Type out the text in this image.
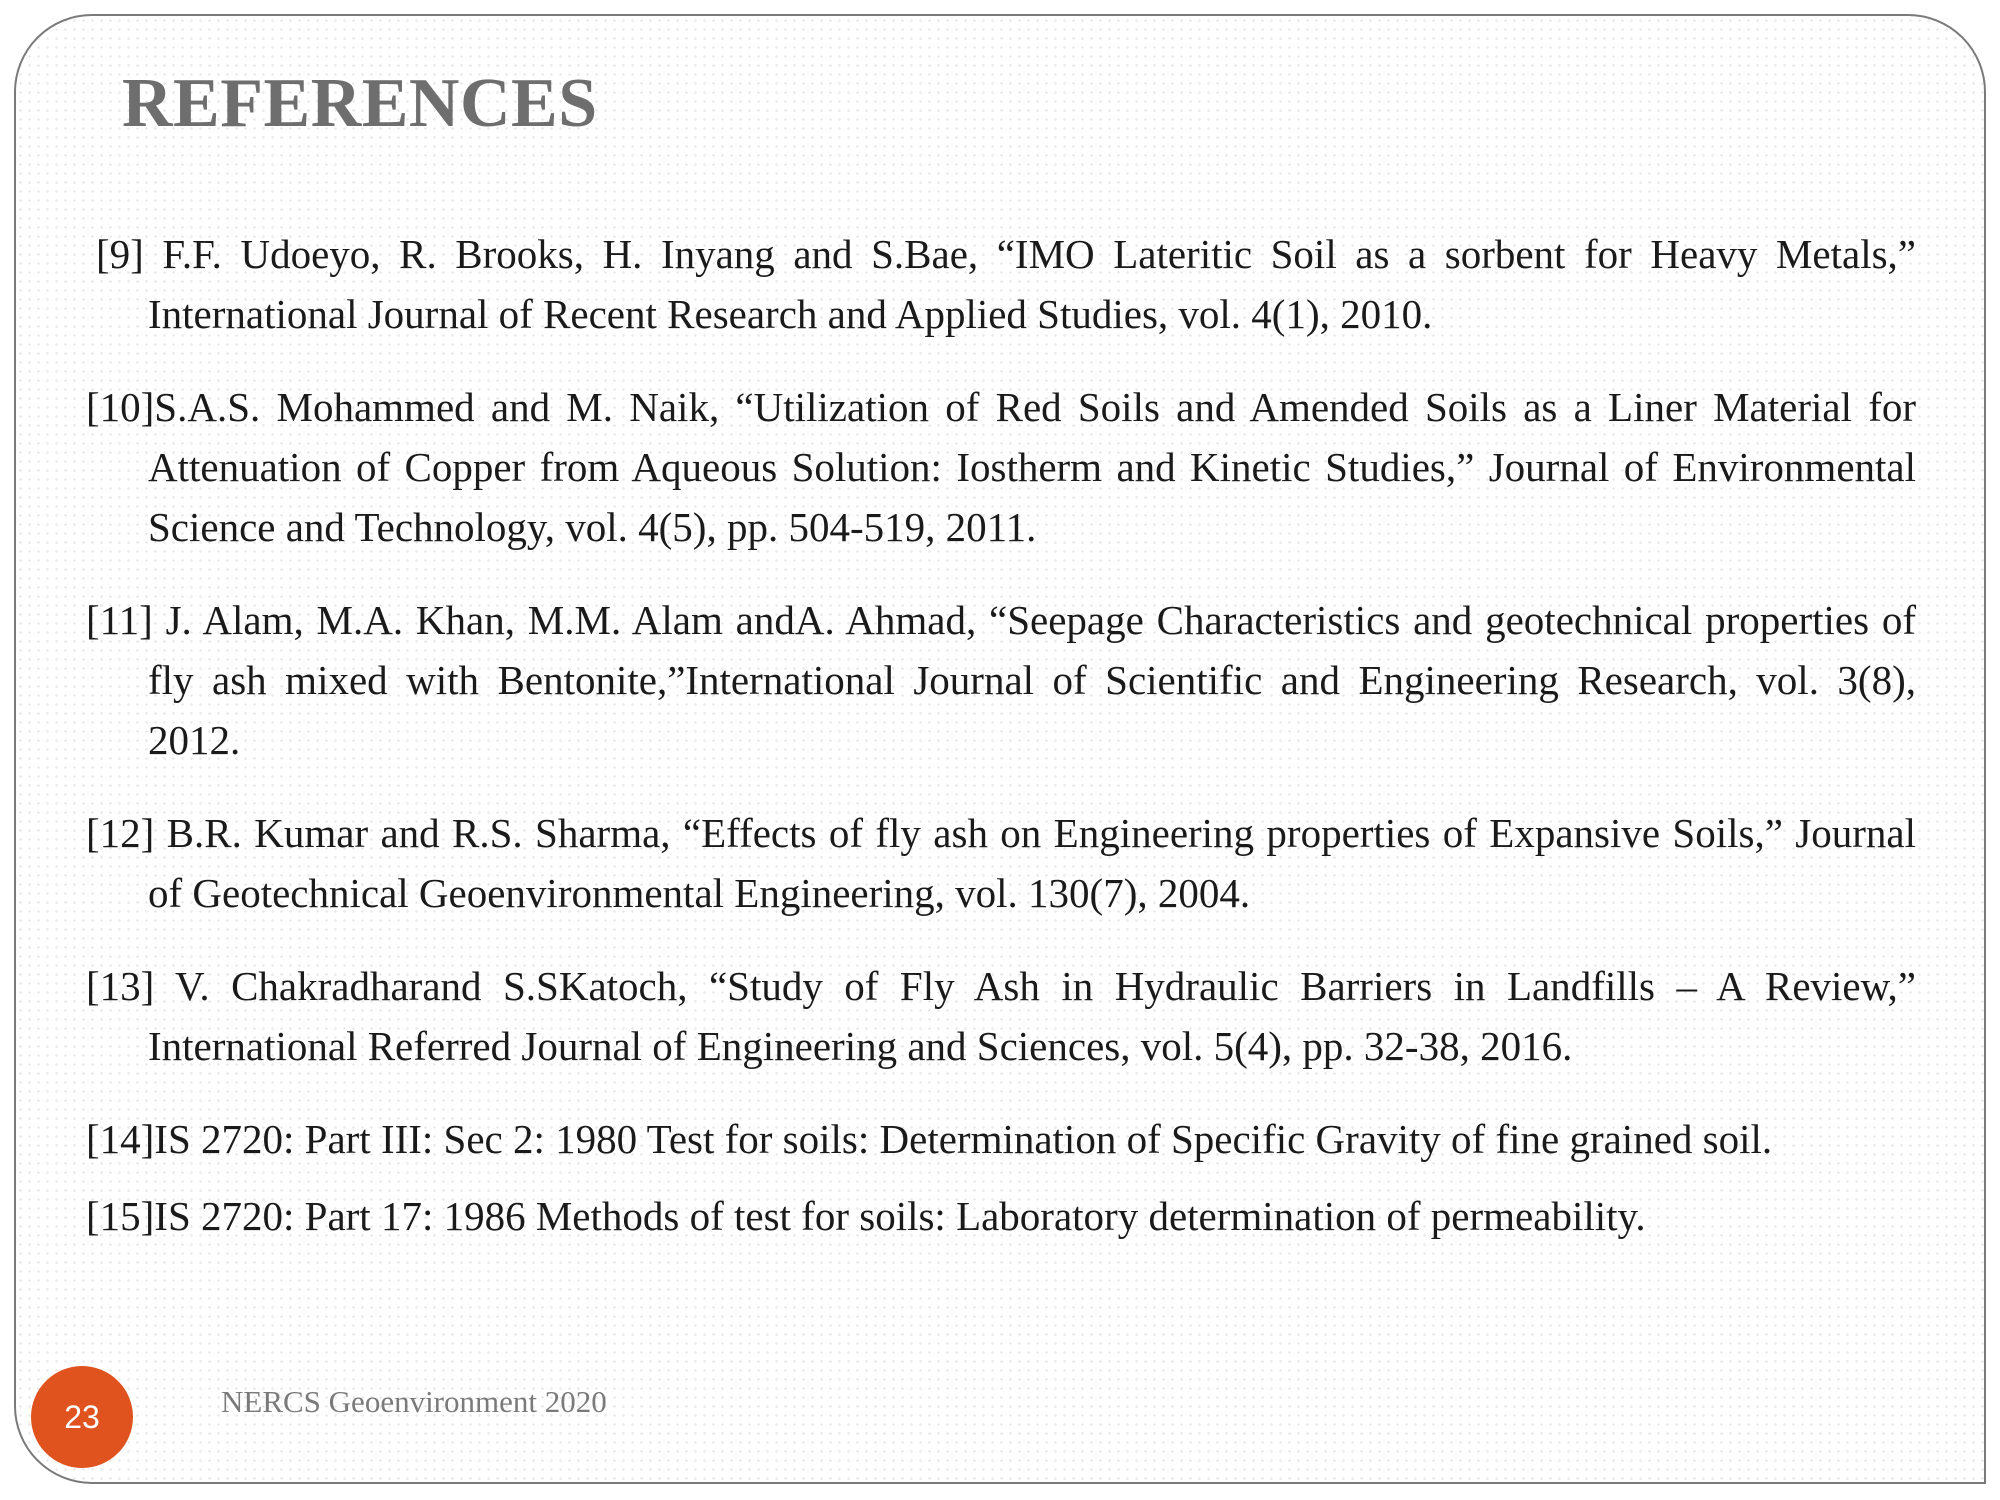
REFERENCES
[9] F.F. Udoeyo, R. Brooks, H. Inyang and S.Bae, “IMO Lateritic Soil as a sorbent for Heavy Metals,” International Journal of Recent Research and Applied Studies, vol. 4(1), 2010.
[10]S.A.S. Mohammed and M. Naik, “Utilization of Red Soils and Amended Soils as a Liner Material for Attenuation of Copper from Aqueous Solution: Iostherm and Kinetic Studies,” Journal of Environmental Science and Technology, vol. 4(5), pp. 504-519, 2011.
[11] J. Alam, M.A. Khan, M.M. Alam andA. Ahmad, “Seepage Characteristics and geotechnical properties of fly ash mixed with Bentonite,”International Journal of Scientific and Engineering Research, vol. 3(8), 2012.
[12] B.R. Kumar and R.S. Sharma, “Effects of fly ash on Engineering properties of Expansive Soils,” Journal of Geotechnical Geoenvironmental Engineering, vol. 130(7), 2004.
[13] V. Chakradharand S.SKatoch, “Study of Fly Ash in Hydraulic Barriers in Landfills – A Review,” International Referred Journal of Engineering and Sciences, vol. 5(4), pp. 32-38, 2016.
[14]IS 2720: Part III: Sec 2: 1980 Test for soils: Determination of Specific Gravity of fine grained soil.
[15]IS 2720: Part 17: 1986 Methods of test for soils: Laboratory determination of permeability.
23	NERCS Geoenvironment 2020
